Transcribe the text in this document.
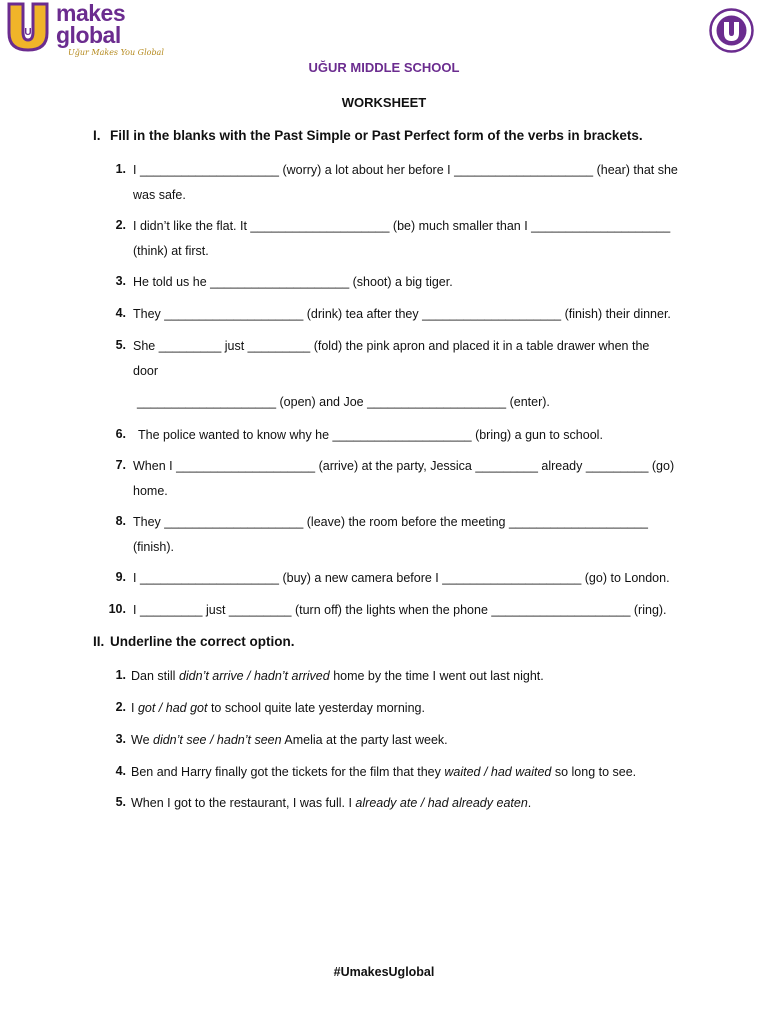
U
makes
global
Uğur Makes You Global
UĞUR MIDDLE SCHOOL
WORKSHEET
I. Fill in the blanks with the Past Simple or Past Perfect form of the verbs in brackets.
1. I ____________________ (worry) a lot about her before I ____________________ (hear) that she
was safe.
2. I didn’t like the flat. It ____________________ (be) much smaller than I ____________________
(think) at first.
3. He told us he ____________________ (shoot) a big tiger.
4. They ____________________ (drink) tea after they ____________________ (finish) their dinner.
5. She _________ just _________ (fold) the pink apron and placed it in a table drawer when the
door
____________________ (open) and Joe ____________________ (enter).
6. The police wanted to know why he ____________________ (bring) a gun to school.
7. When I ____________________ (arrive) at the party, Jessica _________ already _________ (go)
home.
8. They ____________________ (leave) the room before the meeting ____________________
(finish).
9. I ____________________ (buy) a new camera before I ____________________ (go) to London.
10. I _________ just _________ (turn off) the lights when the phone ____________________ (ring).
II. Underline the correct option.
1. Dan still didn’t arrive / hadn’t arrived home by the time I went out last night.
2. I got / had got to school quite late yesterday morning.
3. We didn’t see / hadn’t seen Amelia at the party last week.
4. Ben and Harry finally got the tickets for the film that they waited / had waited so long to see.
5. When I got to the restaurant, I was full. I already ate / had already eaten.
#UmakesUglobal
